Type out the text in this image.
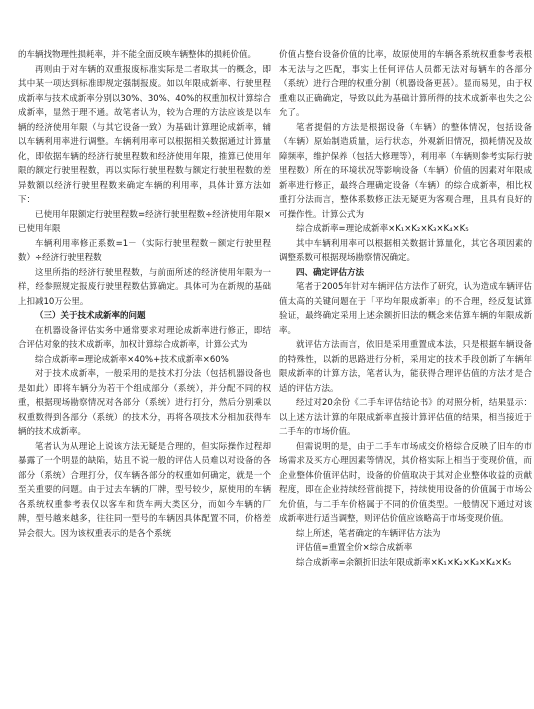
的车辆找物理性损耗率，并不能全面反映车辆整体的损耗价值。

再则由于对车辆的双重报废标准实际是二者取其一的概念，即其中某一项达到标准即规定强制报废。如以年限成新率、行驶里程成新率与技术成新率分别以30%、30%、40%的权重加权计算综合成新率，显然于理不通。故笔者认为，较为合理的方法应该是以车辆的经济使用年限（与其它设备一致）为基础计算理论成新率，辅以车辆利用率进行调整。车辆利用率可以根据相关数据通过计算量化，即依据车辆的经济行驶里程数和经济使用年限，推算已使用年限的额定行驶里程数，再以实际行驶里程数与额定行驶里程数的差异数额以经济行驶里程数来确定车辆的利用率，具体计算方法如下：

已使用年限额定行驶里程数=经济行驶里程数÷经济使用年限×已使用年限

车辆利用率修正系数=1－（实际行驶里程数－额定行驶里程数）÷经济行驶里程数

这里所指的经济行驶里程数，与前面所述的经济使用年限为一样，经参照规定报废行驶里程数估算确定。具体可为在新规的基础上扣减10万公里。

（三）关于技术成新率的问题

在机器设备评估实务中通常要求对理论成新率进行修正，即结合评估对象的技术成新率，加权计算综合成新率，计算公式为

综合成新率=理论成新率×40%+技术成新率×60%

对于技术成新率，一般采用的是技术打分法（包括机器设备也是如此）即将车辆分为若干个组成部分（系统），并分配不同的权重，根据现场勘察情况对各部分（系统）进行打分，然后分别乘以权重数得到各部分（系统）的技术分，再将各项技术分相加获得车辆的技术成新率。

笔者认为从理论上说该方法无疑是合理的，但实际操作过程却暴露了一个明显的缺陷，姑且不说一般的评估人员难以对设备的各部分（系统）合理打分，仅车辆各部分的权重如何确定，就是一个至关重要的问题。由于过去车辆的厂牌，型号较少，原使用的车辆各系统权重参考表仅以客车和货车两大类区分，而如今车辆的厂牌，型号越来越多，往往同一型号的车辆因具体配置不同，价格差异会很大。因为该权重表示的是各个系统

价值占整台设备价值的比率，故原使用的车辆各系统权重参考表根本无法与之匹配，事实上任何评估人员都无法对每辆车的各部分（系统）进行合理的权重分割（机器设备更甚）。显而易见，由于权重难以正确确定，导致以此为基础计算所得的技术成新率也失之公允了。

笔者提倡的方法是根据设备（车辆）的整体情况，包括设备（车辆）原始制造质量，运行状态，外观新旧情况，损耗情况及故障频率，维护保养（包括大修理等），利用率（车辆则参考实际行驶里程数）所在的环境状况等影响设备（车辆）价值的因素对年限成新率进行修正，最终合理确定设备（车辆）的综合成新率，相比权重打分法而言，整体系数修正法无疑更为客观合理，且具有良好的可操作性。计算公式为

综合成新率=理论成新率×K₁×K₂×K₃×K₄×K₅

其中车辆利用率可以根据相关数据计算量化，其它各项因素的调整系数可根据现场勘察情况确定。

四、确定评估方法

笔者于2005年针对车辆评估方法作了研究，认为造成车辆评估值太高的关键问题在于「平均年限成新率」的不合理，经反复试算验证，最终确定采用上述余额折旧法的概念来估算车辆的年限成新率。

就评估方法而言，依旧是采用重置成本法，只是根据车辆设备的特殊性，以新的思路进行分析，采用定的技术手段创新了车辆年限成新率的计算方法，笔者认为，能获得合理评估值的方法才是合适的评估方法。

经过对20余份《二手车评估结论书》的对照分析，结果显示：以上述方法计算的年限成新率直接计算评估值的结果，相当接近于二手车的市场价值。

但需说明的是，由于二手车市场成交价格综合反映了旧车的市场需求及买方心理因素等情况，其价格实际上相当于变现价值，而企业整体价值评估时，设备的价值取决于其对企业整体收益的贡献程度，即在企业持续经营前提下，持续使用设备的价值属于市场公允价值，与二手车价格属于不同的价值类型。一般情况下通过对该成新率进行适当调整，则评估价值应该略高于市场变现价值。

综上所述，笔者确定的车辆评估方法为

评估值=重置全价×综合成新率

综合成新率=余额折旧法年限成新率×K₁×K₂×K₃×K₄×K₅
